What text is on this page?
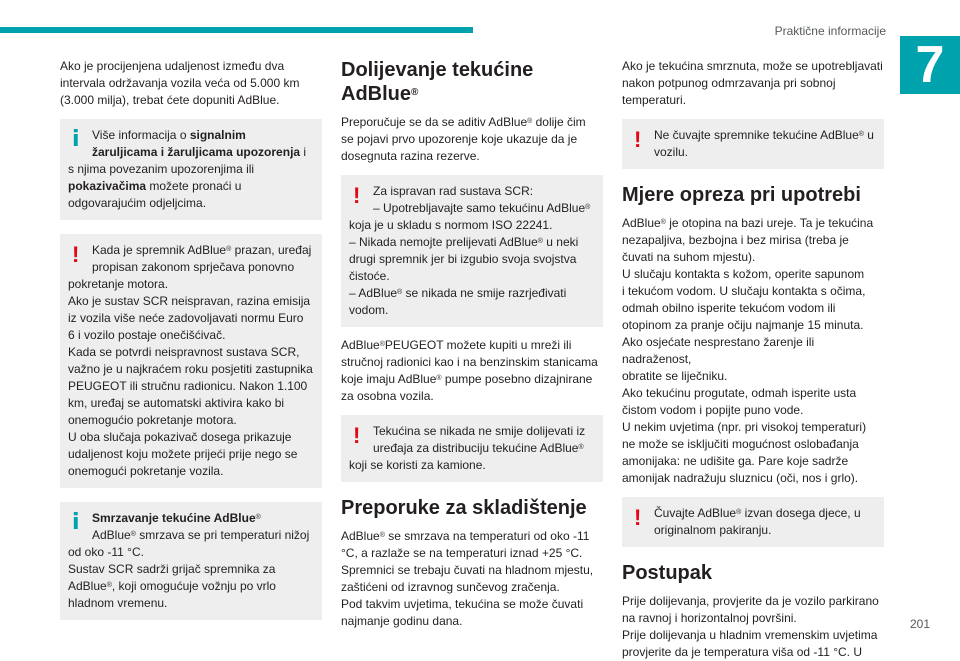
Praktične informacije
7

Ako je procijenjena udaljenost između dva

intervala održavanja vozila veća od 5.000 km

(3.000 milja), trebat ćete dopuniti AdBlue.

i Više informacija o signalnim
žaruljicama i žaruljicama upozorenja i
s njima povezanim upozorenjima ili
pokazivačima možete pronaći u
odgovarajućim odjeljcima.
! Kada je spremnik AdBlue® prazan, uređaj
propisan zakonom sprječava ponovno
pokretanje motora.
Ako je sustav SCR neispravan, razina emisija
iz vozila više neće zadovoljavati normu Euro
6 i vozilo postaje onečišćivač.
Kada se potvrdi neispravnost sustava SCR,
važno je u najkraćem roku posjetiti zastupnika
PEUGEOT ili stručnu radionicu. Nakon 1.100
km, uređaj se automatski aktivira kako bi
onemogućio pokretanje motora.
U oba slučaja pokazivač dosega prikazuje
udaljenost koju možete prijeći prije nego se
onemogući pokretanje vozila.
i Smrzavanje tekućine AdBlue®
AdBlue® smrzava se pri temperaturi nižoj
od oko -11 °C.
Sustav SCR sadrži grijač spremnika za
AdBlue®, koji omogućuje vožnju po vrlo
hladnom vremenu.
Dolijevanje tekućine
AdBlue®

Preporučuje se da se aditiv AdBlue® dolije čim

se pojavi prvo upozorenje koje ukazuje da je

dosegnuta razina rezerve.

! Za ispravan rad sustava SCR:
– Upotrebljavajte samo tekućinu AdBlue®
koja je u skladu s normom ISO 22241.
– Nikada nemojte prelijevati AdBlue® u neki
drugi spremnik jer bi izgubio svoja svojstva
čistoće.
– AdBlue® se nikada ne smije razrjeđivati
vodom.

AdBlue®PEUGEOT možete kupiti u mreži ili

stručnoj radionici kao i na benzinskim stanicama

koje imaju AdBlue® pumpe posebno dizajnirane

za osobna vozila.

! Tekućina se nikada ne smije dolijevati iz
uređaja za distribuciju tekućine AdBlue®
koji se koristi za kamione.
Preporuke za skladištenje

AdBlue® se smrzava na temperaturi od oko -11

°C, a razlaže se na temperaturi iznad +25 °C.

Spremnici se trebaju čuvati na hladnom mjestu,

zaštićeni od izravnog sunčevog zračenja.

Pod takvim uvjetima, tekućina se može čuvati

najmanje godinu dana.

Ako je tekućina smrznuta, može se upotrebljavati

nakon potpunog odmrzavanja pri sobnoj

temperaturi.

! Ne čuvajte spremnike tekućine AdBlue® u
vozilu.
Mjere opreza pri upotrebi

AdBlue® je otopina na bazi ureje. Ta je tekućina

nezapaljiva, bezbojna i bez mirisa (treba je

čuvati na suhom mjestu).

U slučaju kontakta s kožom, operite sapunom

i tekućom vodom. U slučaju kontakta s očima,

odmah obilno isperite tekućom vodom ili

otopinom za pranje očiju najmanje 15 minuta.

Ako osjećate nesprestano žarenje ili nadraženost,

obratite se liječniku.

Ako tekućinu progutate, odmah isperite usta

čistom vodom i popijte puno vode.

U nekim uvjetima (npr. pri visokoj temperaturi)

ne može se isključiti mogućnost oslobađanja

amonijaka: ne udišite ga. Pare koje sadrže

amonijak nadražuju sluznicu (oči, nos i grlo).

! Čuvajte AdBlue® izvan dosega djece, u
originalnom pakiranju.
Postupak

Prije dolijevanja, provjerite da je vozilo parkirano

na ravnoj i horizontalnoj površini.

Prije dolijevanja u hladnim vremenskim uvjetima

provjerite da je temperatura viša od -11 °C. U

201
